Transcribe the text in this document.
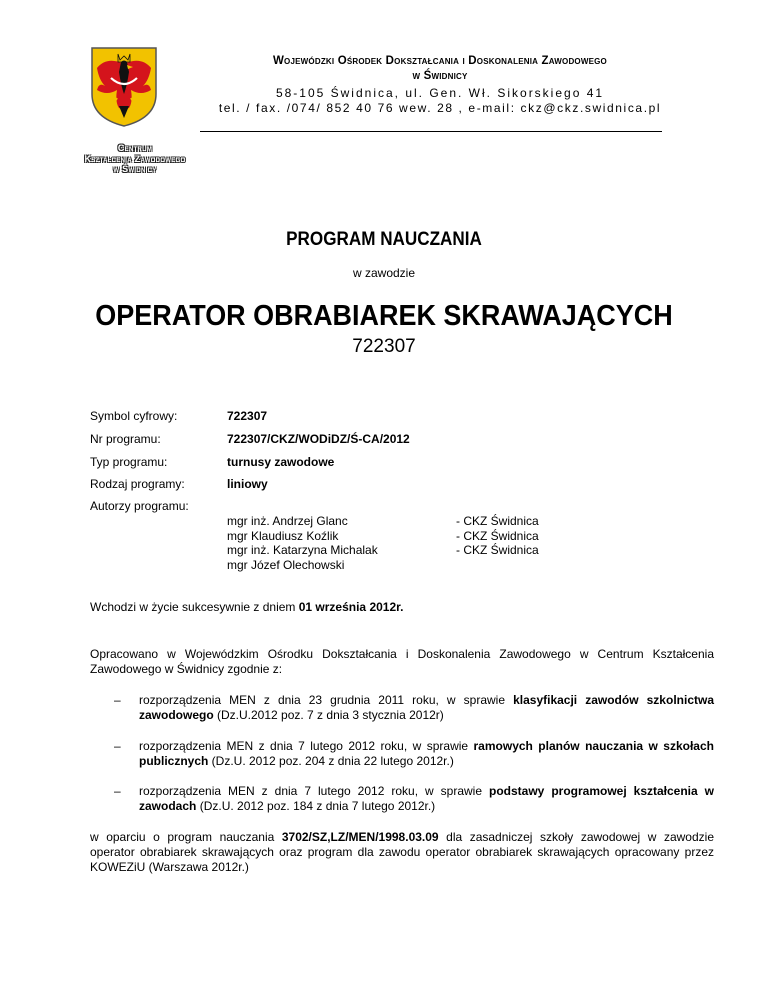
Wojewódzki Ośrodek Dokształcania i Doskonalenia Zawodowego
w Świdnicy
58-105 Świdnica, ul. Gen. Wł. Sikorskiego 41
tel. / fax. /074/ 852 40 76 wew. 28 , e-mail: ckz@ckz.swidnica.pl
Centrum
Kształcenia Zawodowego
w Świdnicy
PROGRAM NAUCZANIA
w zawodzie
OPERATOR OBRABIAREK SKRAWAJĄCYCH
722307
Symbol cyfrowy:	722307
Nr programu:	722307/CKZ/WODiDZ/Ś-CA/2012
Typ programu:	turnusy zawodowe
Rodzaj programy:	liniowy
Autorzy programu:
mgr inż. Andrzej Glanc	- CKZ Świdnica
mgr Klaudiusz Koźlik	- CKZ Świdnica
mgr inż. Katarzyna Michalak	- CKZ Świdnica
mgr Józef Olechowski
Wchodzi w życie sukcesywnie z dniem 01 września 2012r.
Opracowano w Wojewódzkim Ośrodku Dokształcania i Doskonalenia Zawodowego w Centrum Kształcenia Zawodowego w Świdnicy zgodnie z:
– rozporządzenia MEN z dnia 23 grudnia 2011 roku, w sprawie klasyfikacji zawodów szkolnictwa zawodowego (Dz.U.2012 poz. 7 z dnia 3 stycznia 2012r)
– rozporządzenia MEN z dnia 7 lutego 2012 roku, w sprawie ramowych planów nauczania w szkołach publicznych (Dz.U. 2012 poz. 204 z dnia 22 lutego 2012r.)
– rozporządzenia MEN z dnia 7 lutego 2012 roku, w sprawie podstawy programowej kształcenia w zawodach (Dz.U. 2012 poz. 184 z dnia 7 lutego 2012r.)
w oparciu o program nauczania 3702/SZ,LZ/MEN/1998.03.09 dla zasadniczej szkoły zawodowej w zawodzie operator obrabiarek skrawających oraz program dla zawodu operator obrabiarek skrawających opracowany przez KOWEZiU (Warszawa 2012r.)
